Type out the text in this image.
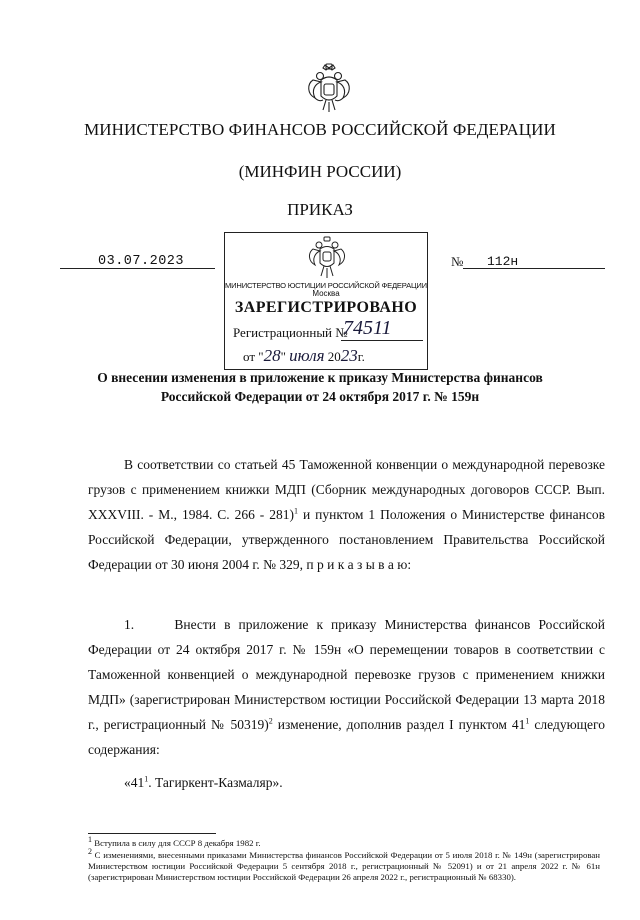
МИНИСТЕРСТВО ФИНАНСОВ РОССИЙСКОЙ ФЕДЕРАЦИИ
(МИНФИН РОССИИ)
ПРИКАЗ
03.07.2023	№ 112н
МИНИСТЕРСТВО ЮСТИЦИИ РОССИЙСКОЙ ФЕДЕРАЦИИ
Москва
ЗАРЕГИСТРИРОВАНО
Регистрационный №
74511
от "28" июля 2023г.
О внесении изменения в приложение к приказу Министерства финансов
Российской Федерации от 24 октября 2017 г. № 159н
В соответствии со статьей 45 Таможенной конвенции о международной перевозке грузов с применением книжки МДП (Сборник международных договоров СССР. Вып. XXXVIII. - М., 1984. С. 266 - 281)$^1$ и пунктом 1 Положения о Министерстве финансов Российской Федерации, утвержденного постановлением Правительства Российской Федерации от 30 июня 2004 г. № 329, п р и к а з ы в а ю:
1.     Внести в приложение к приказу Министерства финансов Российской Федерации от 24 октября 2017 г. № 159н «О перемещении товаров в соответствии с Таможенной конвенцией о международной перевозке грузов с применением книжки МДП» (зарегистрирован Министерством юстиции Российской Федерации 13 марта 2018 г., регистрационный № 50319)$^2$ изменение, дополнив раздел I пунктом $41^1$ следующего содержания:
«$41^1$. Тагиркент-Казмаляр».

$^1$ Вступила в силу для СССР 8 декабря 1982 г.

$^2$ С изменениями, внесенными приказами Министерства финансов Российской Федерации от 5 июля 2018 г. № 149н (зарегистрирован Министерством юстиции Российской Федерации 5 сентября 2018 г., регистрационный № 52091) и от 21 апреля 2022 г. № 61н (зарегистрирован Министерством юстиции Российской Федерации 26 апреля 2022 г., регистрационный № 68330).
